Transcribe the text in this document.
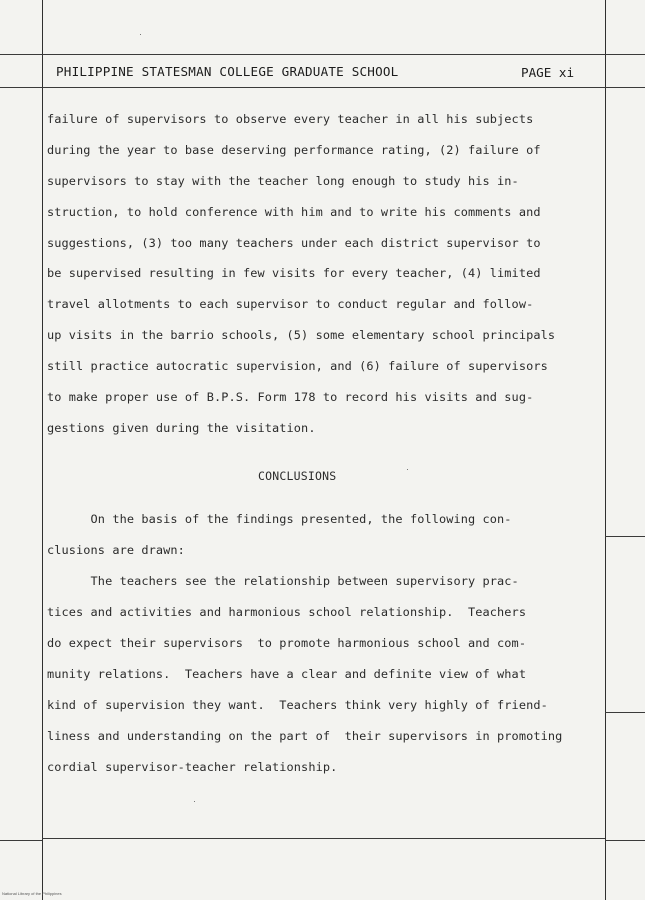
PHILIPPINE STATESMAN COLLEGE GRADUATE SCHOOL	PAGE xi
failure of supervisors to observe every teacher in all his subjects
during the year to base deserving performance rating, (2) failure of
supervisors to stay with the teacher long enough to study his in-
struction, to hold conference with him and to write his comments and
suggestions, (3) too many teachers under each district supervisor to
be supervised resulting in few visits for every teacher, (4) limited
travel allotments to each supervisor to conduct regular and follow-
up visits in the barrio schools, (5) some elementary school principals
still practice autocratic supervision, and (6) failure of supervisors
to make proper use of B.P.S. Form 178 to record his visits and sug-
gestions given during the visitation.
CONCLUSIONS
On the basis of the findings presented, the following con-
clusions are drawn:
The teachers see the relationship between supervisory prac-
tices and activities and harmonious school relationship.  Teachers
do expect their supervisors  to promote harmonious school and com-
munity relations.  Teachers have a clear and definite view of what
kind of supervision they want.  Teachers think very highly of friend-
liness and understanding on the part of  their supervisors in promoting
cordial supervisor-teacher relationship.
National Library of the Philippines
